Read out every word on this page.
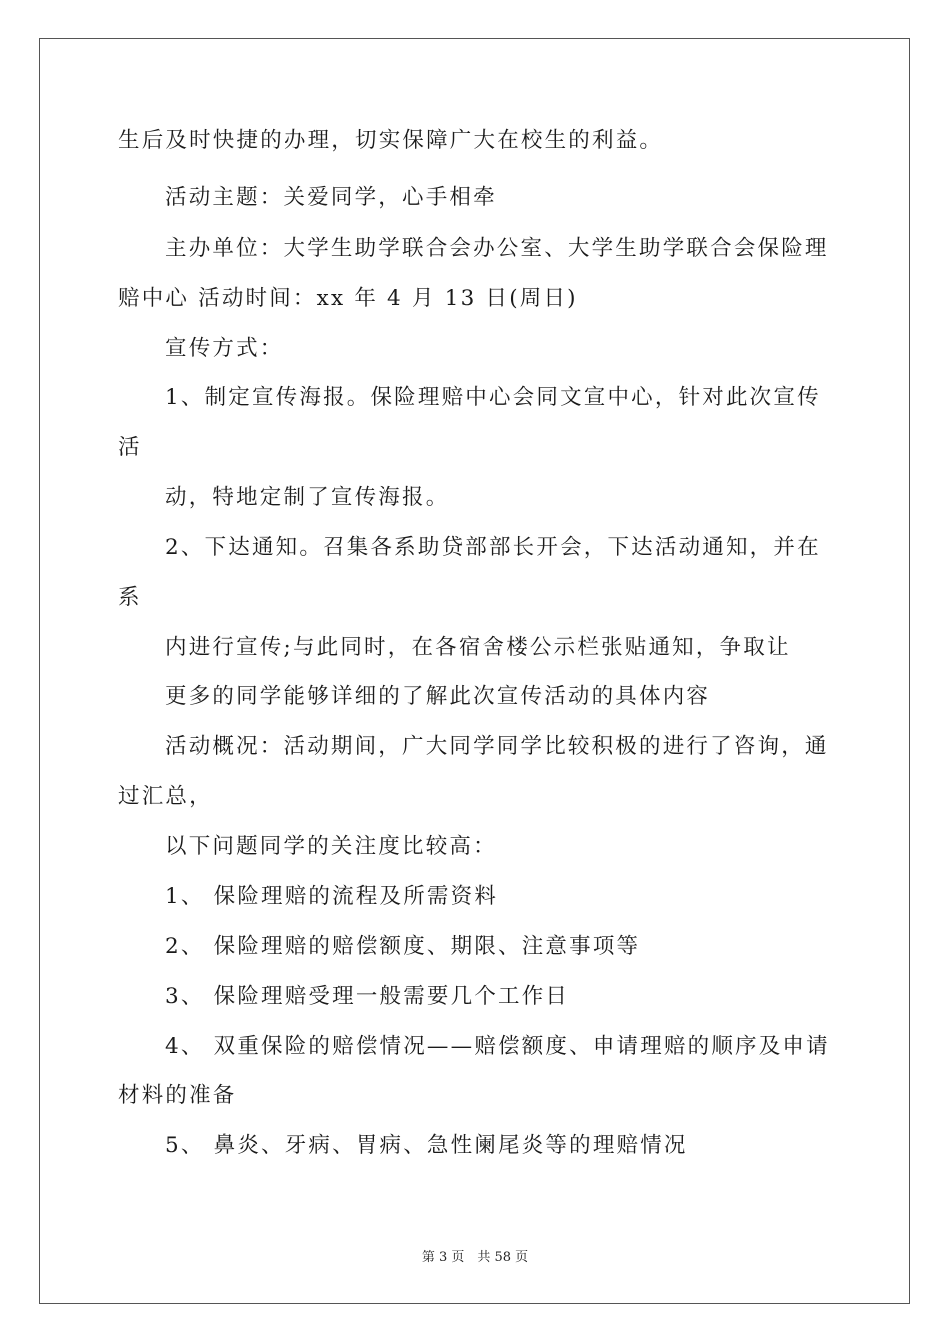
生后及时快捷的办理，切实保障广大在校生的利益。
活动主题：关爱同学，心手相牵
主办单位：大学生助学联合会办公室、大学生助学联合会保险理
赔中心 活动时间：xx 年 4 月 13 日(周日)
宣传方式：
1、制定宣传海报。保险理赔中心会同文宣中心，针对此次宣传
活
动，特地定制了宣传海报。
2、下达通知。召集各系助贷部部长开会，下达活动通知，并在
系
内进行宣传;与此同时，在各宿舍楼公示栏张贴通知，争取让
更多的同学能够详细的了解此次宣传活动的具体内容
活动概况：活动期间，广大同学同学比较积极的进行了咨询，通
过汇总，
以下问题同学的关注度比较高：
1、 保险理赔的流程及所需资料
2、 保险理赔的赔偿额度、期限、注意事项等
3、 保险理赔受理一般需要几个工作日
4、 双重保险的赔偿情况——赔偿额度、申请理赔的顺序及申请
材料的准备
5、 鼻炎、牙病、胃病、急性阑尾炎等的理赔情况
第 3 页　共 58 页
